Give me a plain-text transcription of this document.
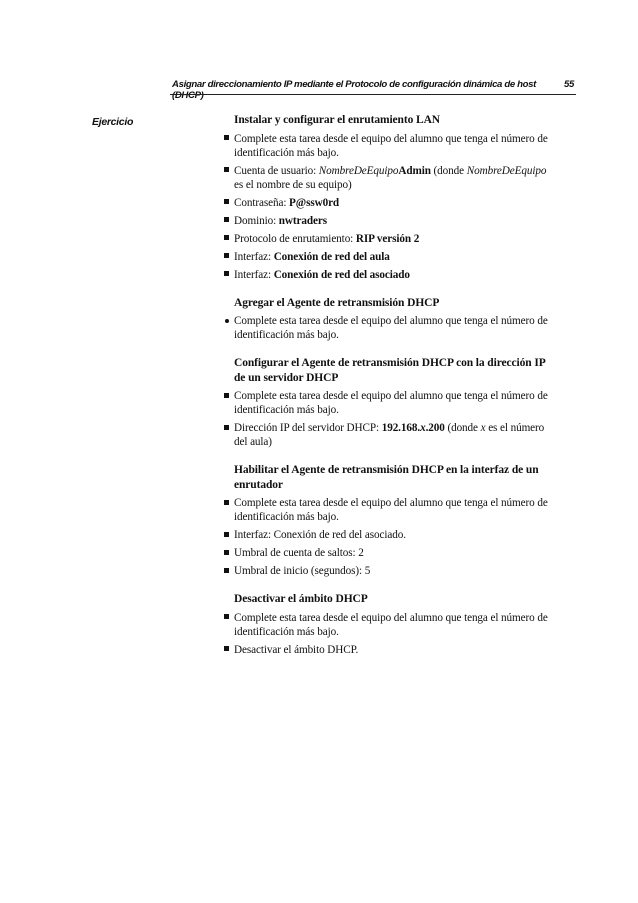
Asignar direccionamiento IP mediante el Protocolo de configuración dinámica de host (DHCP)
55
Ejercicio	Instalar y configurar el enrutamiento LAN
Complete esta tarea desde el equipo del alumno que tenga el número de identificación más bajo.
Cuenta de usuario: NombreDeEquipoAdmin (donde NombreDeEquipo es el nombre de su equipo)
Contraseña: P@ssw0rd
Dominio: nwtraders
Protocolo de enrutamiento: RIP versión 2
Interfaz: Conexión de red del aula
Interfaz: Conexión de red del asociado
Agregar el Agente de retransmisión DHCP
Complete esta tarea desde el equipo del alumno que tenga el número de identificación más bajo.
Configurar el Agente de retransmisión DHCP con la dirección IP de un servidor DHCP
Complete esta tarea desde el equipo del alumno que tenga el número de identificación más bajo.
Dirección IP del servidor DHCP: 192.168.x.200 (donde x es el número del aula)
Habilitar el Agente de retransmisión DHCP en la interfaz de un enrutador
Complete esta tarea desde el equipo del alumno que tenga el número de identificación más bajo.
Interfaz: Conexión de red del asociado.
Umbral de cuenta de saltos: 2
Umbral de inicio (segundos): 5
Desactivar el ámbito DHCP
Complete esta tarea desde el equipo del alumno que tenga el número de identificación más bajo.
Desactivar el ámbito DHCP.
